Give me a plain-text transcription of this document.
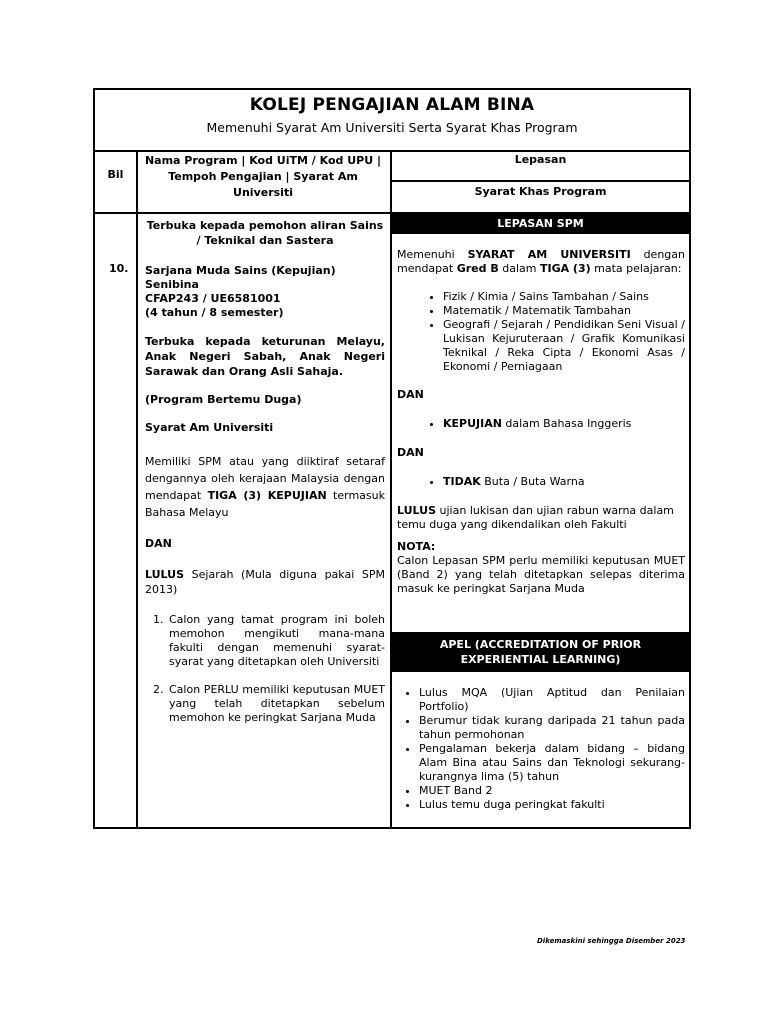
KOLEJ PENGAJIAN ALAM BINA
Memenuhi Syarat Am Universiti Serta Syarat Khas Program
Bil
Nama Program | Kod UiTM / Kod UPU | Tempoh Pengajian | Syarat Am Universiti
Lepasan
Syarat Khas Program
10.

Terbuka kepada pemohon aliran Sains / Teknikal dan Sastera

Sarjana Muda Sains (Kepujian) Senibina

CFAP243 / UE6581001

(4 tahun / 8 semester)

Terbuka kepada keturunan Melayu, Anak Negeri Sabah, Anak Negeri Sarawak dan Orang Asli Sahaja.

(Program Bertemu Duga)

Syarat Am Universiti

Memiliki SPM atau yang diiktiraf setaraf dengannya oleh kerajaan Malaysia dengan mendapat TIGA (3) KEPUJIAN termasuk Bahasa Melayu

DAN

LULUS Sejarah (Mula diguna pakai SPM 2013)

1. Calon yang tamat program ini boleh memohon mengikuti mana-mana fakulti dengan memenuhi syarat-syarat yang ditetapkan oleh Universiti
2. Calon PERLU memiliki keputusan MUET yang telah ditetapkan sebelum memohon ke peringkat Sarjana Muda
LEPASAN SPM

Memenuhi SYARAT AM UNIVERSITI dengan mendapat Gred B dalam TIGA (3) mata pelajaran:

• Fizik / Kimia / Sains Tambahan / Sains
• Matematik / Matematik Tambahan
• Geografi / Sejarah / Pendidikan Seni Visual / Lukisan Kejuruteraan / Grafik Komunikasi Teknikal / Reka Cipta / Ekonomi Asas / Ekonomi / Perniagaan

DAN

• KEPUJIAN dalam Bahasa Inggeris

DAN

• TIDAK Buta / Buta Warna

LULUS ujian lukisan dan ujian rabun warna dalam temu duga yang dikendalikan oleh Fakulti

NOTA:

Calon Lepasan SPM perlu memiliki keputusan MUET (Band 2) yang telah ditetapkan selepas diterima masuk ke peringkat Sarjana Muda

APEL (ACCREDITATION OF PRIOR EXPERIENTIAL LEARNING)
• Lulus MQA (Ujian Aptitud dan Penilaian Portfolio)
• Berumur tidak kurang daripada 21 tahun pada tahun permohonan
• Pengalaman bekerja dalam bidang – bidang Alam Bina atau Sains dan Teknologi sekurang-kurangnya lima (5) tahun
• MUET Band 2
• Lulus temu duga peringkat fakulti
Dikemaskini sehingga Disember 2023
